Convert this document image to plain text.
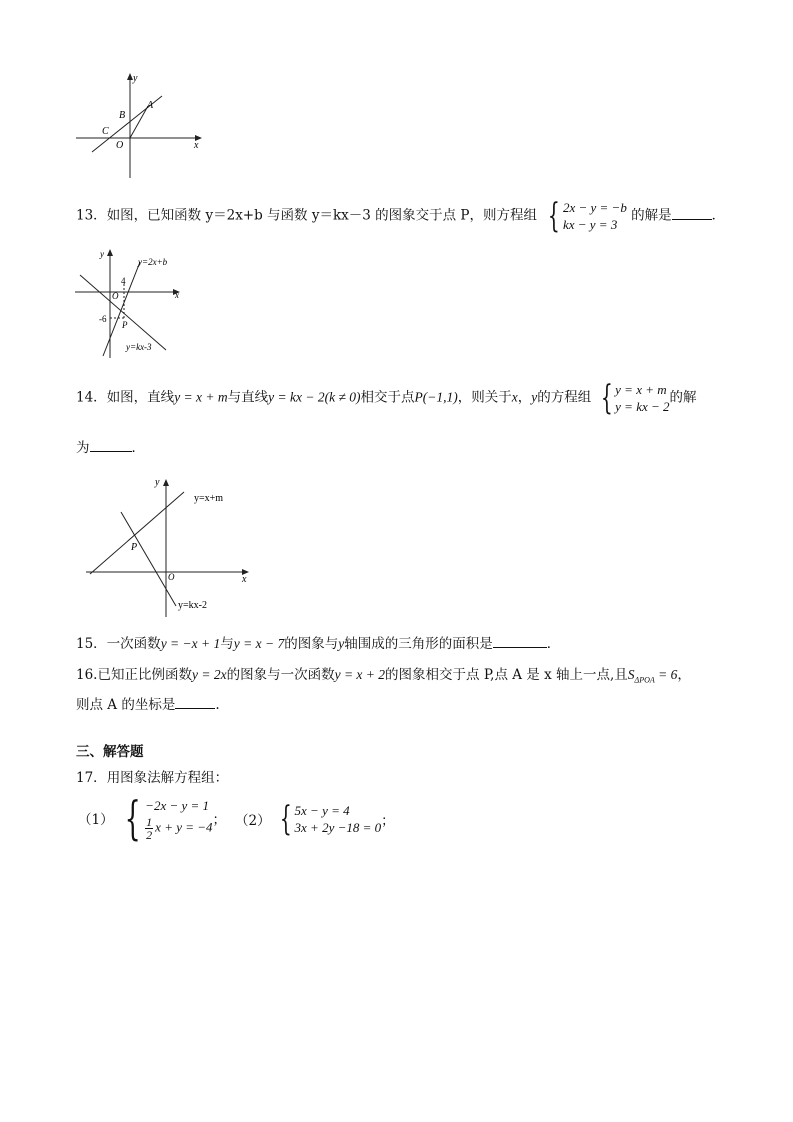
y
x
A
B
C
O
13．如图，已知函数 y＝2x+b 与函数 y＝kx－3 的图象交于点 P，则方程组 { 2x − y = −b
kx − y = 3
的解是	．
y
x
O
4
-6
P
y=2x+b
y=kx-3
14．如图，直线y = x + m与直线y = kx − 2(k ≠ 0)相交于点P(−1,1)，则关于x，y的方程组 { y = x + m
y = kx − 2
的解
为	．
y
x
O
P
y=x+m
y=kx-2
15．一次函数y = −x + 1与y = x − 7的图象与y轴围成的三角形的面积是	．
16.已知正比例函数y = 2x的图象与一次函数y = x + 2的图象相交于点 P,点 A 是 x 轴上一点,且$S_{\Delta POA} = 6$，
则点 A 的坐标是	.
三、解答题
17．用图象法解方程组：
（1） { −2x − y = 1
$\frac{1}{2}$ x + y = −4 ； （2） { 5x − y = 4
3x + 2y −18 = 0 ；
